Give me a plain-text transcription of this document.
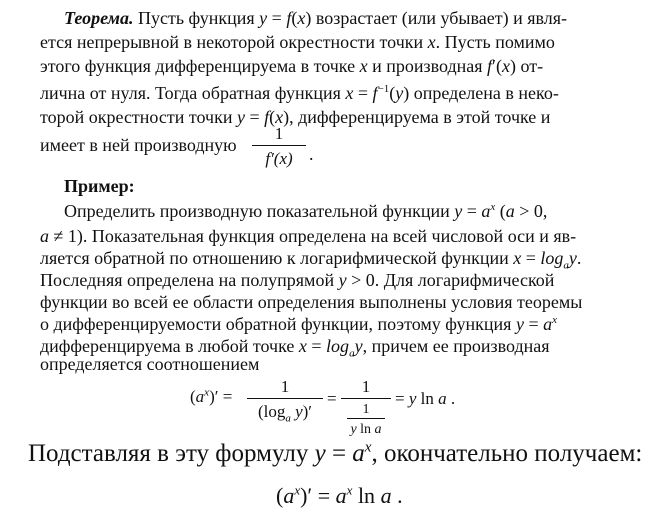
Теорема. Пусть функция y = f(x) возрастает (или убывает) и явля-
ется непрерывной в некоторой окрестности точки x. Пусть помимо
этого функция дифференцируема в точке x и производная f′(x) от-
лична от нуля. Тогда обратная функция $x = f^{-1}(y)$ определена в неко-
торой окрестности точки y = f(x), дифференцируема в этой точке и
имеет в ней производную
1
f′(x) .
Пример:
Определить производную показательной функции $y = a^x$ (a > 0,
a ≠ 1). Показательная функция определена на всей числовой оси и яв-
ляется обратной по отношению к логарифмической функции $x = \log_ay$.
Последняя определена на полупрямой y > 0. Для логарифмической
функции во всей ее области определения выполнены условия теоремы
о дифференцируемости обратной функции, поэтому функция $y = a^x$
дифференцируема в любой точке $x = \log_ay$, причем ее производная
определяется соотношением
$(a^x)'$ =
1
($\log_a$ y)′
=
1
1
y ln a
= y ln a .
Подставляя в эту формулу $y = a^x$, окончательно получаем:
$(a^x)' = a^x$ ln a .
